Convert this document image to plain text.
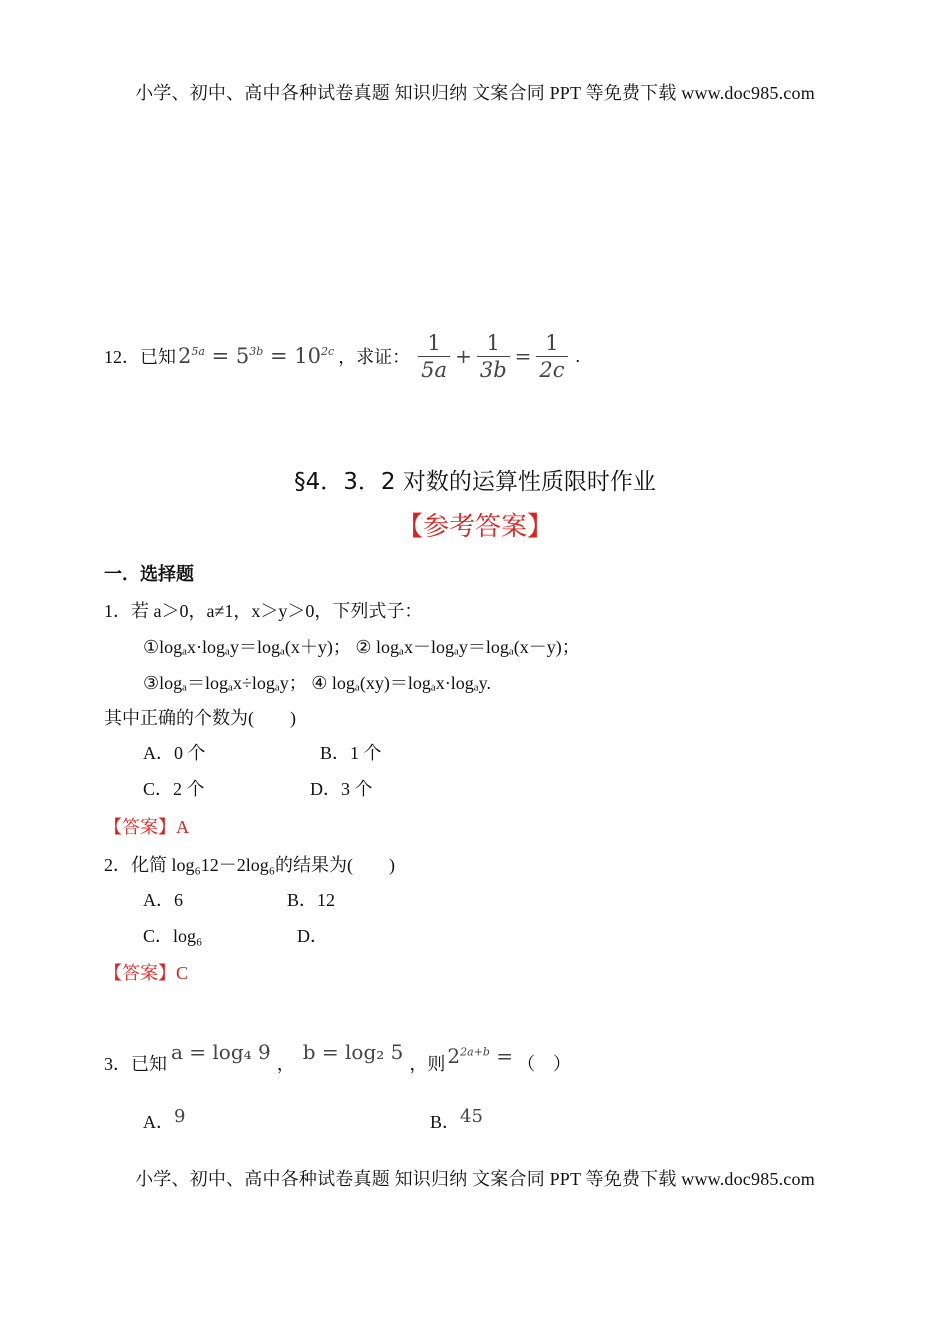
小学、初中、高中各种试卷真题 知识归纳 文案合同 PPT 等免费下载 www.doc985.com
12．已知 $2^{5a} = 5^{3b} = 10^{2c}$ ，求证： $\frac{1}{5a} + \frac{1}{3b} = \frac{1}{2c}$ .
§4．3．2 对数的运算性质限时作业
【参考答案】
一．选择题
1．若 a＞0，a≠1，x＞y＞0，下列式子：
①logₐx·logₐy＝logₐ(x＋y)； ② logₐx－logₐy＝logₐ(x－y)；
③logₐ＝logₐx÷logₐy； ④ logₐ(xy)＝logₐx·logₐy.
其中正确的个数为(　　)
A．0 个	B．1 个
C．2 个	D．3 个
【答案】A
2．化简 log₆12－2log₆的结果为(　　)
A．6	B．12
C．log₆	D．
【答案】C
3．已知 a = log₄ 9 ， b = log₂ 5 ，则 $2^{2a+b}$ = （　）
A．9	B．45
小学、初中、高中各种试卷真题 知识归纳 文案合同 PPT 等免费下载 www.doc985.com
